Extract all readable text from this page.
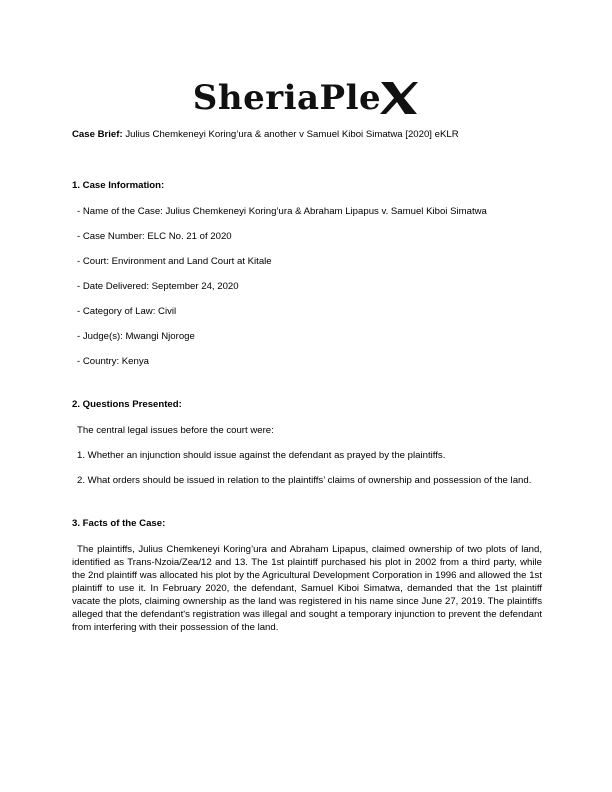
SheriaPle

Case Brief: Julius Chemkeneyi Koring’ura & another v Samuel Kiboi Simatwa [2020] eKLR

1. Case Information:

- Name of the Case: Julius Chemkeneyi Koring’ura & Abraham Lipapus v. Samuel Kiboi Simatwa

- Case Number: ELC No. 21 of 2020

- Court: Environment and Land Court at Kitale

- Date Delivered: September 24, 2020

- Category of Law: Civil

- Judge(s): Mwangi Njoroge

- Country: Kenya

2. Questions Presented:

The central legal issues before the court were:

1. Whether an injunction should issue against the defendant as prayed by the plaintiffs.

2. What orders should be issued in relation to the plaintiffs’ claims of ownership and possession of the land.

3. Facts of the Case:

The plaintiffs, Julius Chemkeneyi Koring’ura and Abraham Lipapus, claimed ownership of two plots of land, identified as Trans-Nzoia/Zea/12 and 13. The 1st plaintiff purchased his plot in 2002 from a third party, while the 2nd plaintiff was allocated his plot by the Agricultural Development Corporation in 1996 and allowed the 1st plaintiff to use it. In February 2020, the defendant, Samuel Kiboi Simatwa, demanded that the 1st plaintiff vacate the plots, claiming ownership as the land was registered in his name since June 27, 2019. The plaintiffs alleged that the defendant's registration was illegal and sought a temporary injunction to prevent the defendant from interfering with their possession of the land.
